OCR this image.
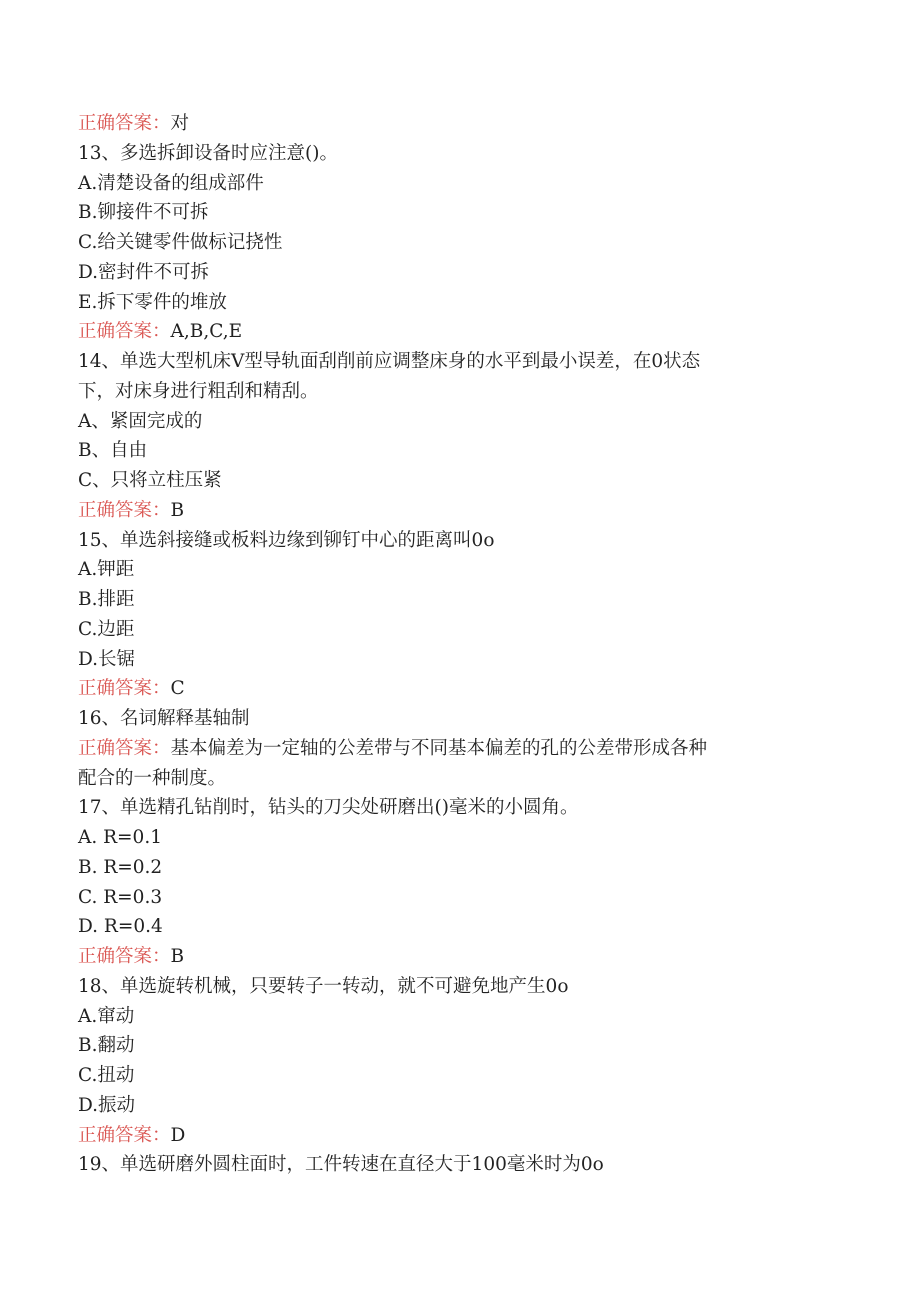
正确答案：对
13、多选拆卸设备时应注意()。
A.清楚设备的组成部件
B.铆接件不可拆
C.给关键零件做标记挠性
D.密封件不可拆
E.拆下零件的堆放
正确答案：A,B,C,E
14、单选大型机床V型导轨面刮削前应调整床身的水平到最小误差，在0状态
下，对床身进行粗刮和精刮。
A、紧固完成的
B、自由
C、只将立柱压紧
正确答案：B
15、单选斜接缝或板料边缘到铆钉中心的距离叫0o
A.钾距
B.排距
C.边距
D.长锯
正确答案：C
16、名词解释基轴制
正确答案：基本偏差为一定轴的公差带与不同基本偏差的孔的公差带形成各种
配合的一种制度。
17、单选精孔钻削时，钻头的刀尖处研磨出()毫米的小圆角。
A. R=0.1
B. R=0.2
C. R=0.3
D. R=0.4
正确答案：B
18、单选旋转机械，只要转子一转动，就不可避免地产生0o
A.窜动
B.翻动
C.扭动
D.振动
正确答案：D
19、单选研磨外圆柱面时，工件转速在直径大于100毫米时为0o
